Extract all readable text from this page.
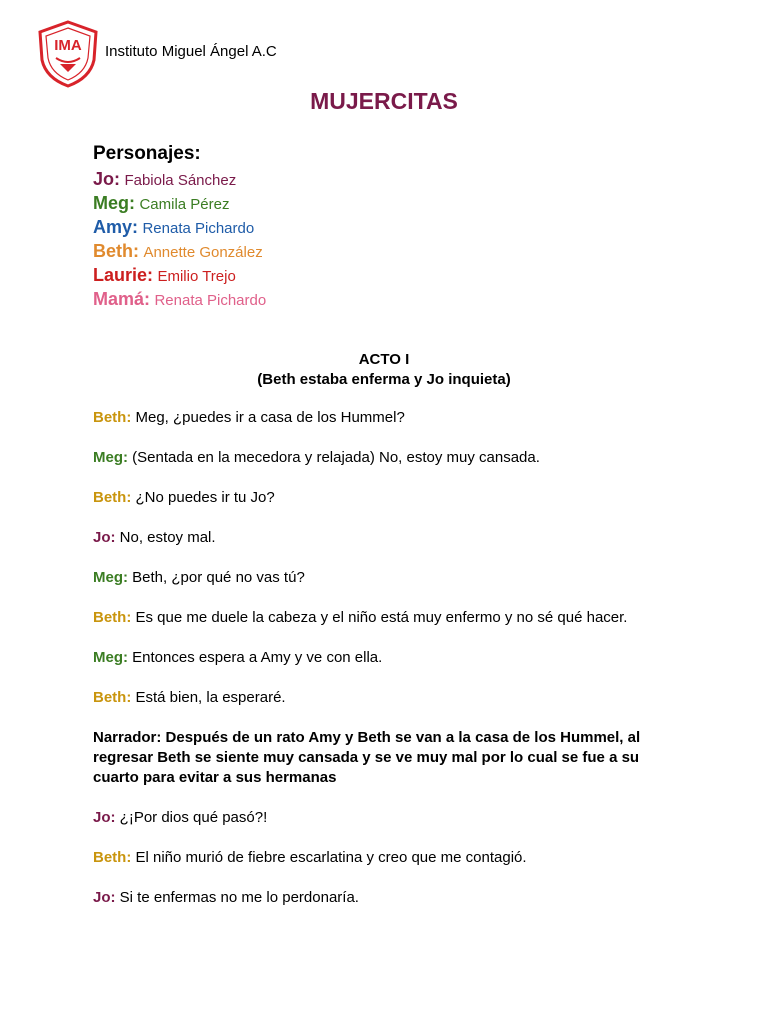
IMA Instituto Miguel Ángel A.C
MUJERCITAS
Personajes:
Jo: Fabiola Sánchez
Meg: Camila Pérez
Amy: Renata Pichardo
Beth: Annette González
Laurie: Emilio Trejo
Mamá: Renata Pichardo
ACTO I
(Beth estaba enferma y Jo inquieta)

Beth: Meg, ¿puedes ir a casa de los Hummel?

Meg: (Sentada en la mecedora y relajada) No, estoy muy cansada.

Beth: ¿No puedes ir tu Jo?

Jo: No, estoy mal.

Meg: Beth, ¿por qué no vas tú?

Beth: Es que me duele la cabeza y el niño está muy enfermo y no sé qué hacer.

Meg: Entonces espera a Amy y ve con ella.

Beth: Está bien, la esperaré.

Narrador: Después de un rato Amy y Beth se van a la casa de los Hummel, al regresar Beth se siente muy cansada y se ve muy mal por lo cual se fue a su cuarto para evitar a sus hermanas

Jo: ¿¡Por dios qué pasó?!

Beth: El niño murió de fiebre escarlatina y creo que me contagió.

Jo: Si te enfermas no me lo perdonaría.
